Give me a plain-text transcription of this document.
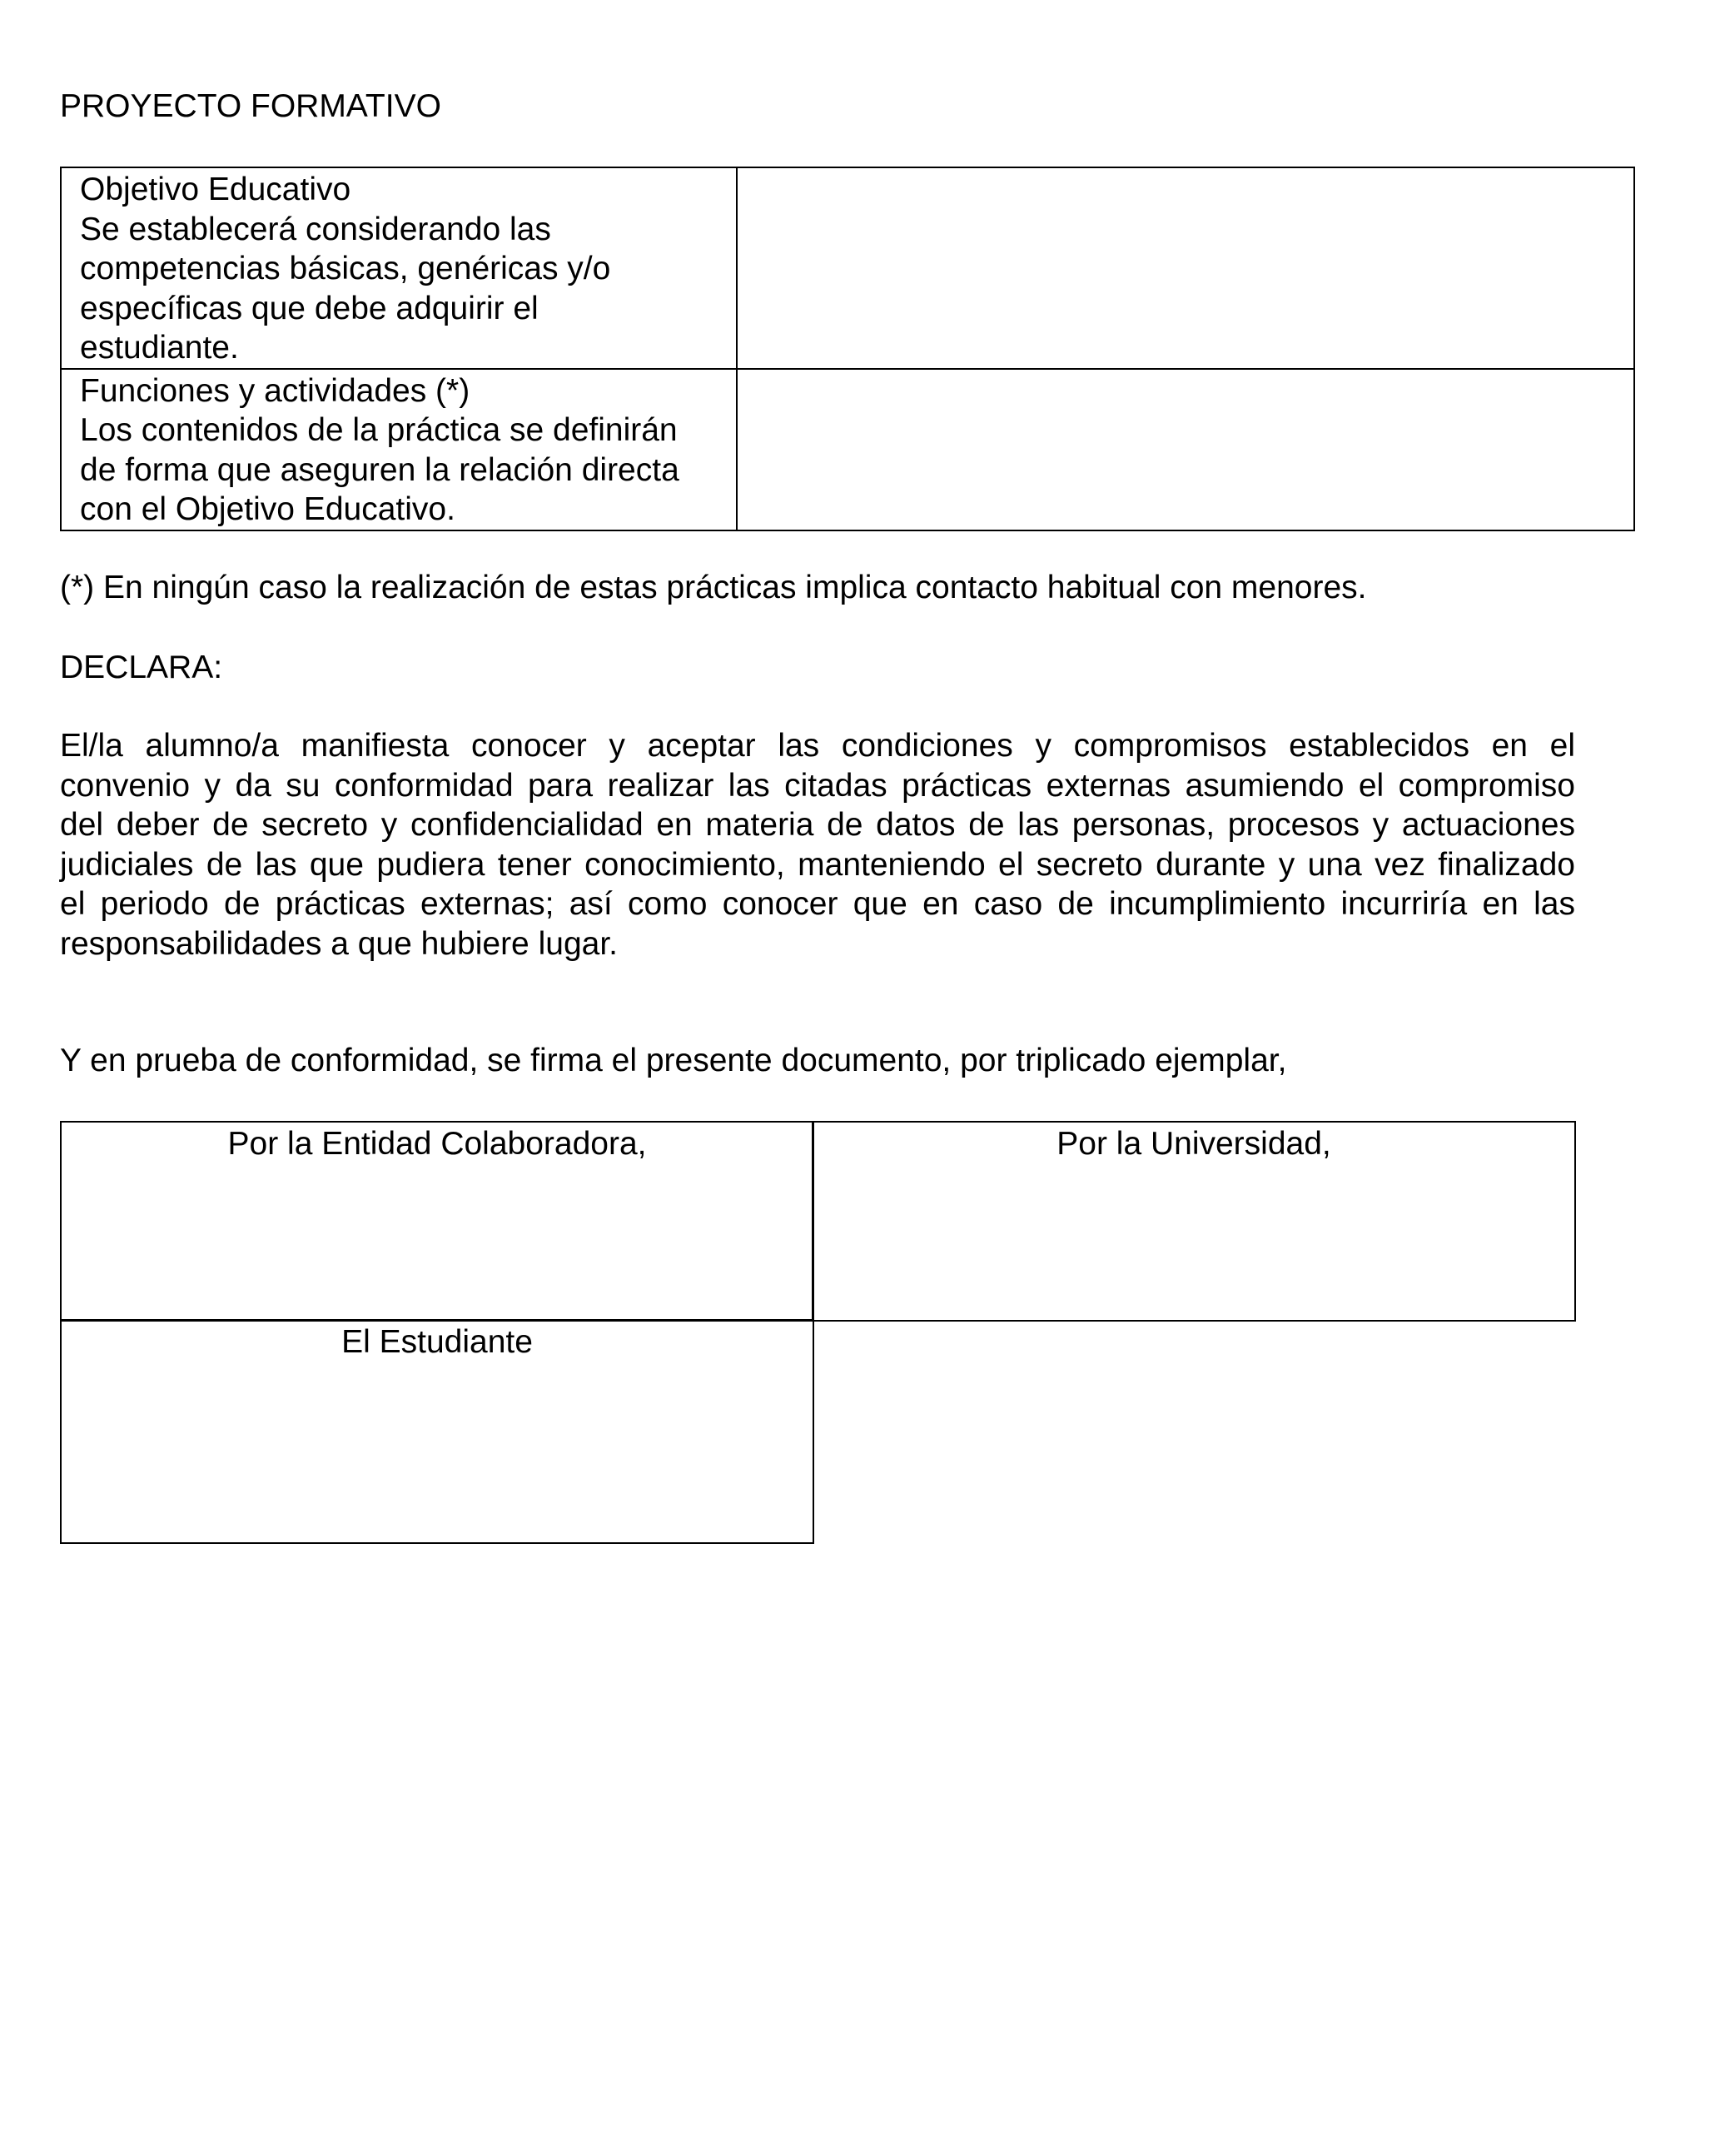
PROYECTO FORMATIVO
Objetivo Educativo
Se establecerá considerando las
competencias básicas, genéricas y/o
específicas que debe adquirir el
estudiante.	

Funciones y actividades (*)
Los contenidos de la práctica se definirán
de forma que aseguren la relación directa
con el Objetivo Educativo.	

(*) En ningún caso la realización de estas prácticas implica contacto habitual con menores.
DECLARA:
El/la alumno/a manifiesta conocer y aceptar las condiciones y compromisos establecidos en el
convenio y da su conformidad para realizar las citadas prácticas externas asumiendo el compromiso
del deber de secreto y confidencialidad en materia de datos de las personas, procesos y actuaciones
judiciales de las que pudiera tener conocimiento, manteniendo el secreto durante y una vez finalizado
el periodo de prácticas externas; así como conocer que en caso de incumplimiento incurriría en las
responsabilidades a que hubiere lugar.
Y en prueba de conformidad, se firma el presente documento, por triplicado ejemplar,
Por la Entidad Colaboradora,	Por la Universidad,
El Estudiante
